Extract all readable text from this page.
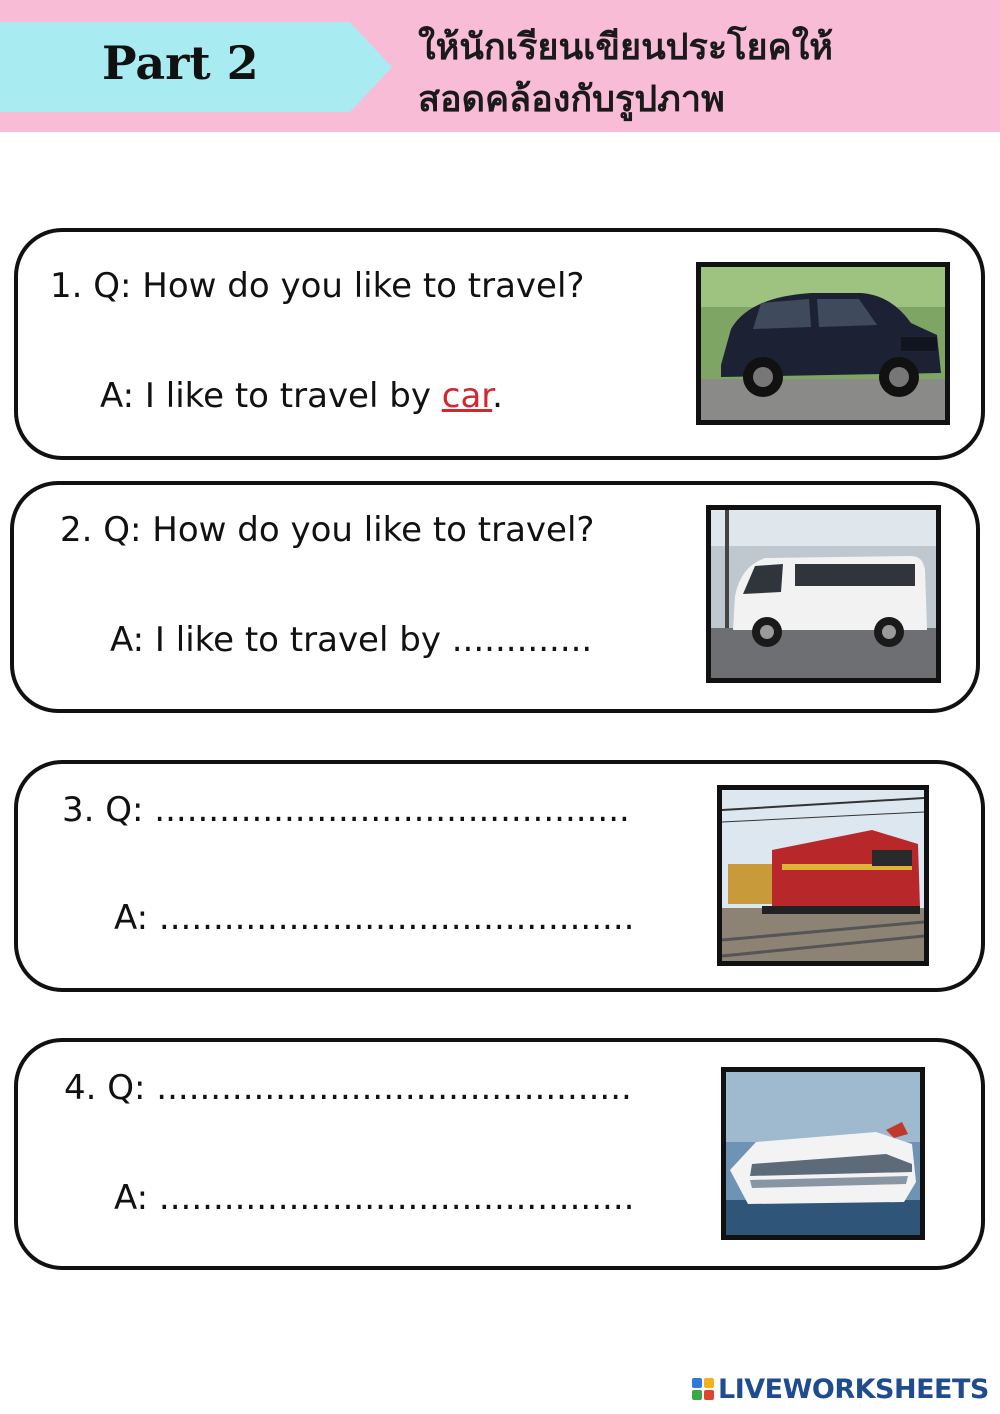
Part 2	ให้นักเรียนเขียนประโยคให้
สอดคล้องกับรูปภาพ
1. Q: How do you like to travel?
A: I like to travel by car.
2. Q: How do you like to travel?
A: I like to travel by .............
3. Q: ............................................
A: ............................................
4. Q: ............................................
A: ............................................
LIVEWORKSHEETS
